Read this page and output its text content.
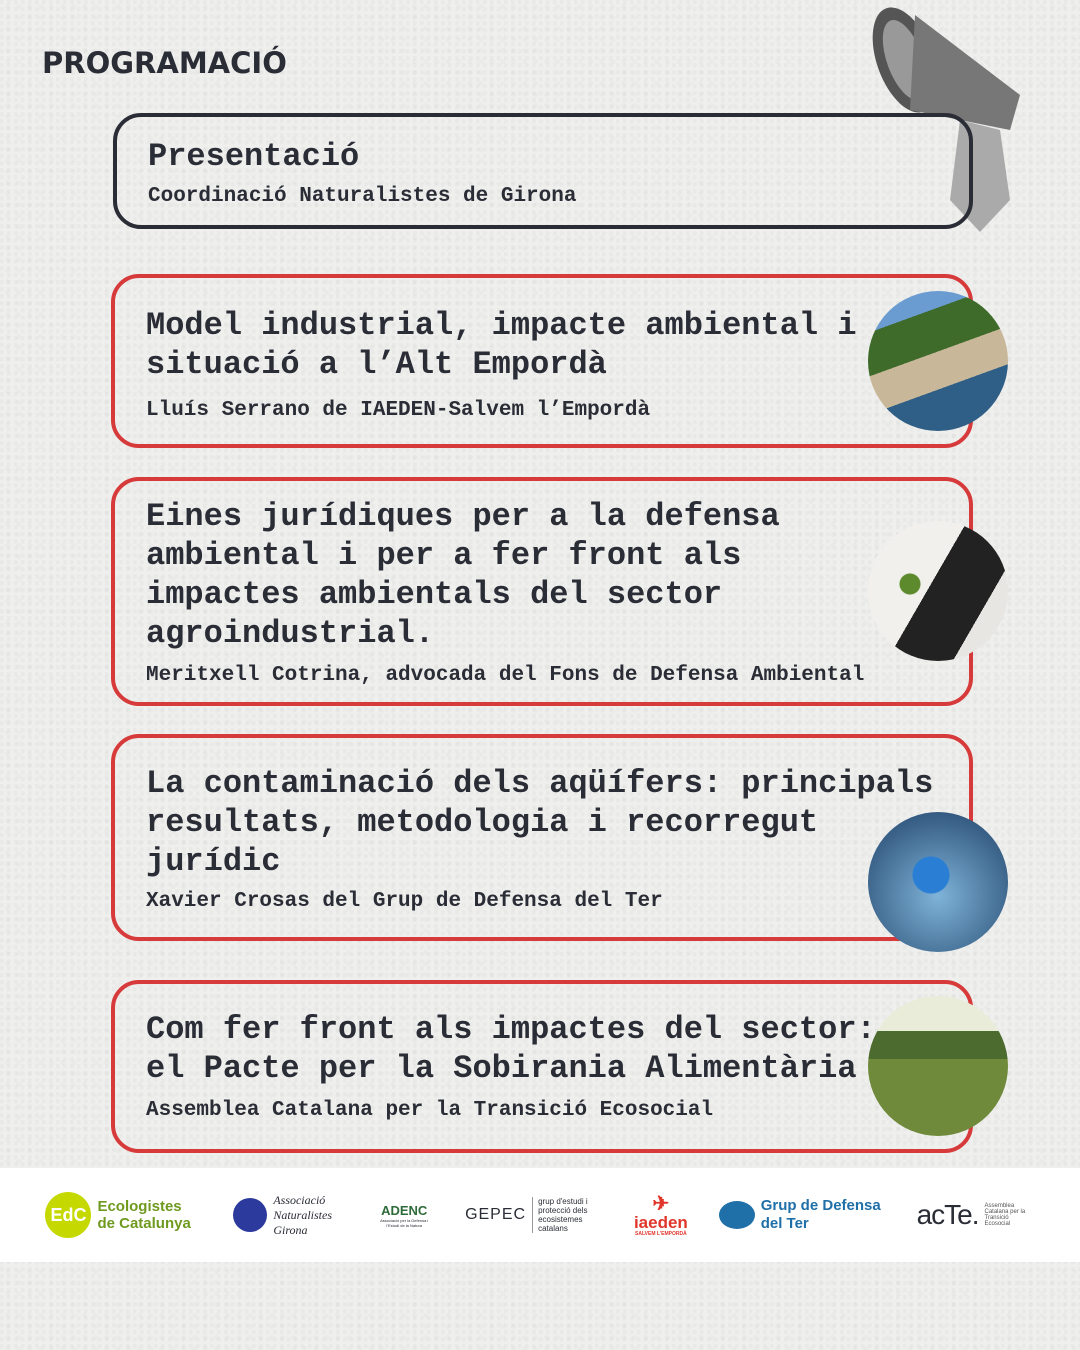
PROGRAMACIÓ
Presentació
Coordinació Naturalistes de Girona
Model industrial, impacte ambiental i
situació a l’Alt Empordà
Lluís Serrano de IAEDEN-Salvem l’Empordà
Eines jurídiques per a la defensa
ambiental i per a fer front als
impactes ambientals del sector
agroindustrial.
Meritxell Cotrina, advocada del Fons de Defensa Ambiental
La contaminació dels aqüífers: principals
resultats, metodologia i recorregut
jurídic
Xavier Crosas del Grup de Defensa del Ter
Com fer front als impactes del sector:
el Pacte per la Sobirania Alimentària
Assemblea Catalana per la Transició Ecosocial
EdC Ecologistes de Catalunya
Associació Naturalistes Girona
ADENC
Associació per la Defensa i l'Estudi de la Natura
GEPEC
grup d'estudi i protecció dels ecosistemes catalans
✈
iaeden
SALVEM L'EMPORDÀ
Grup de Defensa del Ter	acTe. Assemblea Catalana per la Transició Ecosocial
